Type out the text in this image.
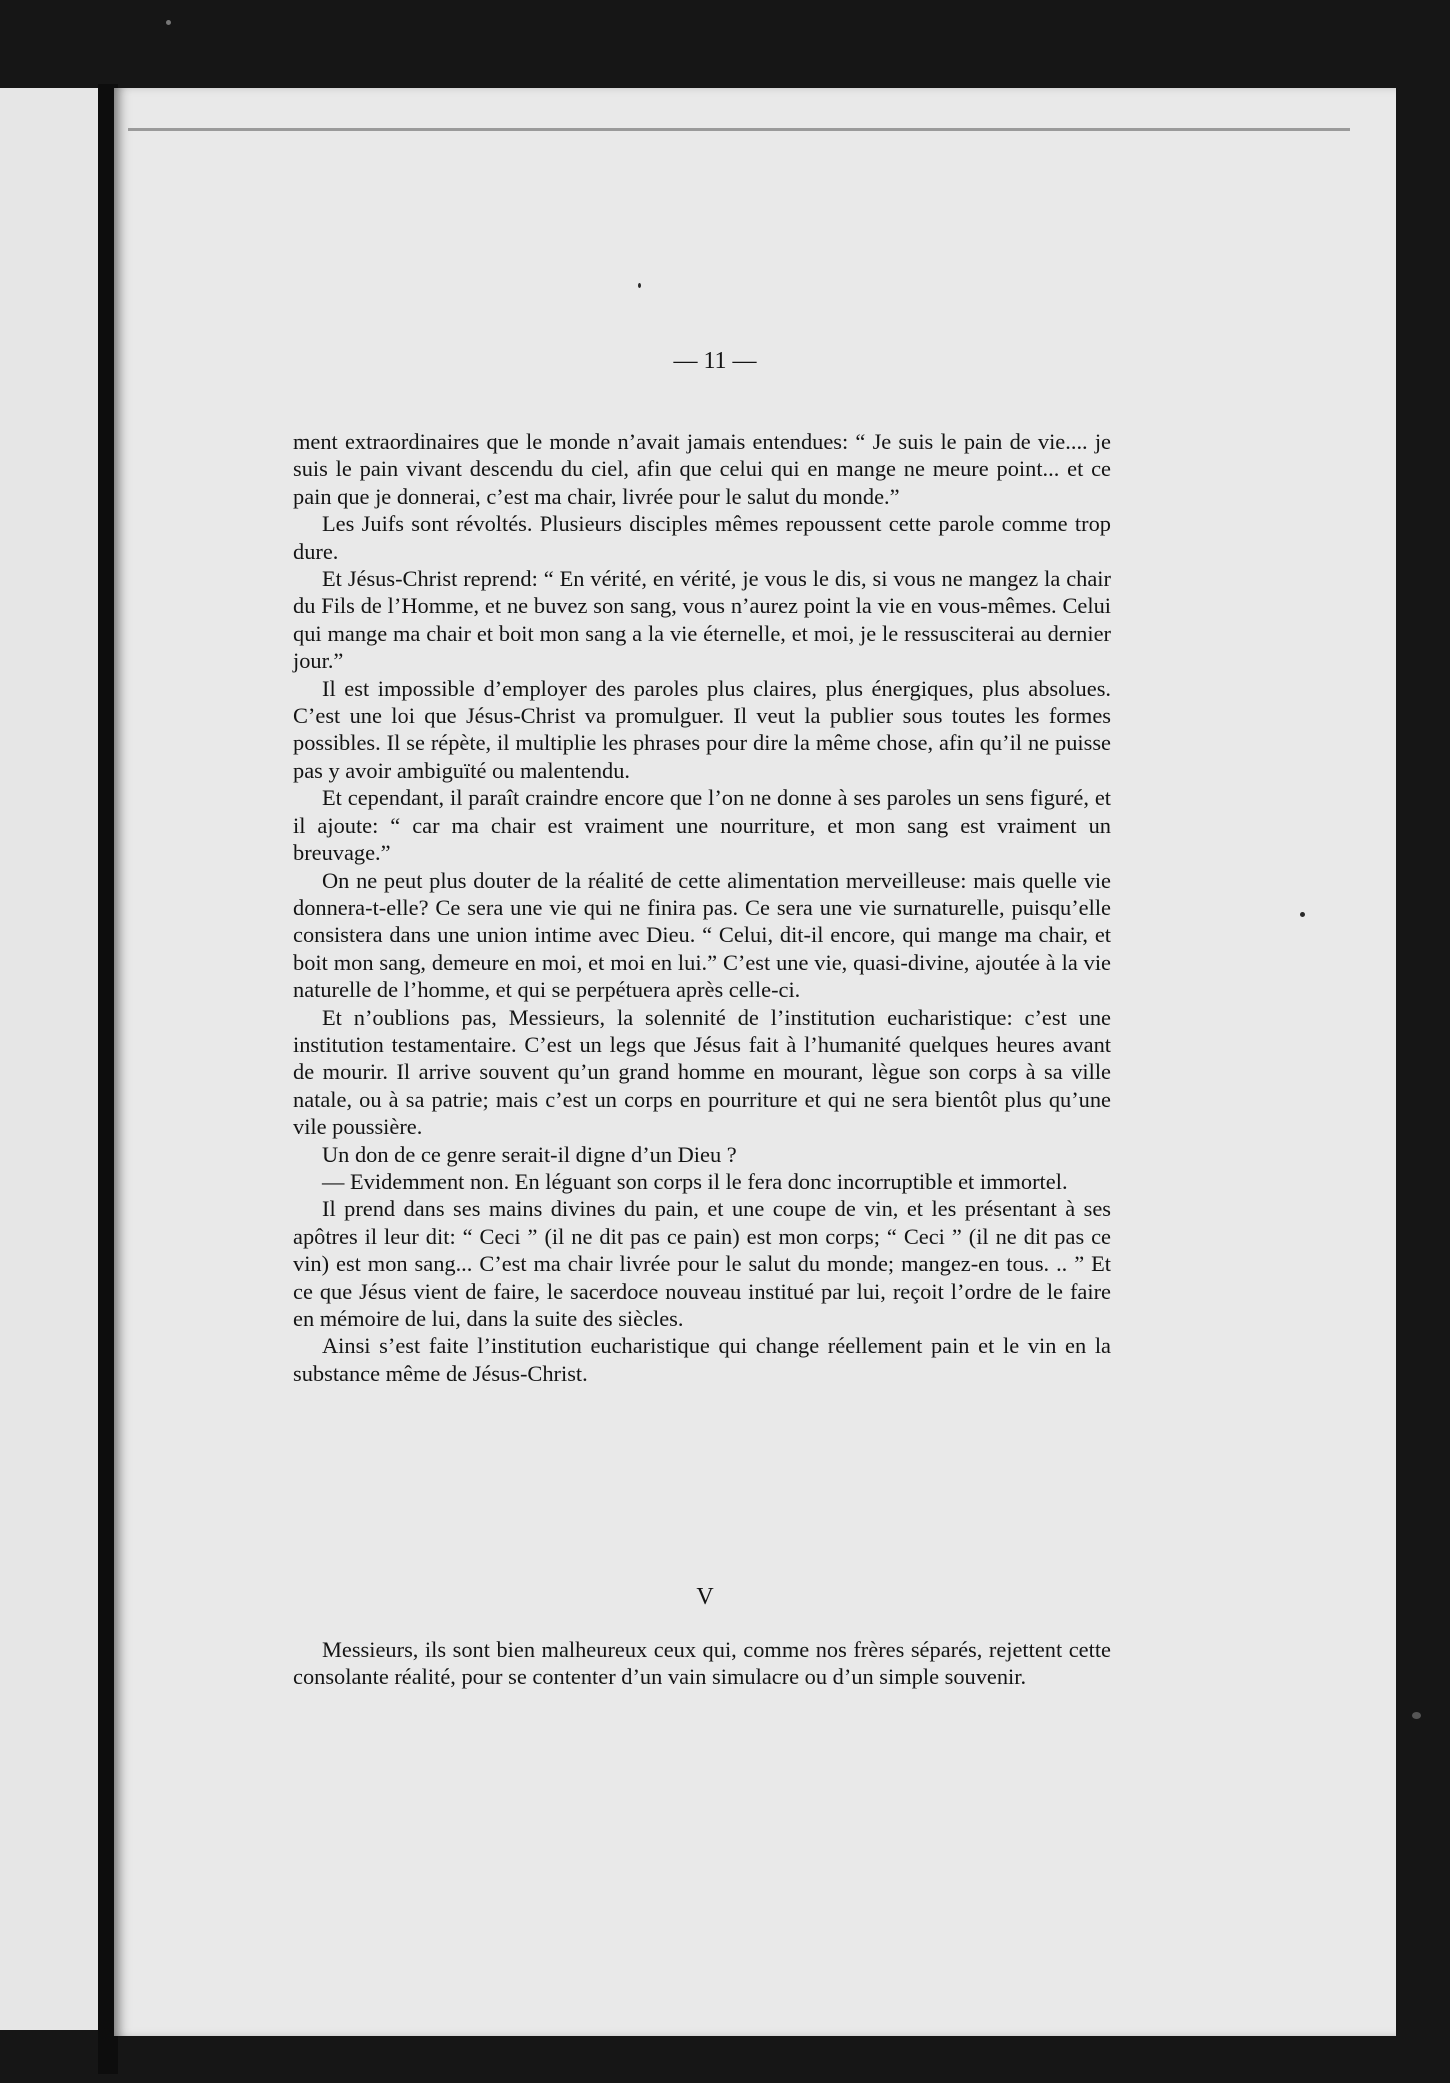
— 11 —

ment extraordinaires que le monde n’avait jamais entendues: “ Je suis le pain de vie.... je suis le pain vivant descendu du ciel, afin que celui qui en mange ne meure point... et ce pain que je donnerai, c’est ma chair, livrée pour le salut du monde.”

Les Juifs sont révoltés. Plusieurs disciples mêmes repoussent cette parole comme trop dure.

Et Jésus-Christ reprend: “ En vérité, en vérité, je vous le dis, si vous ne mangez la chair du Fils de l’Homme, et ne buvez son sang, vous n’aurez point la vie en vous-mêmes. Celui qui mange ma chair et boit mon sang a la vie éternelle, et moi, je le ressusciterai au dernier jour.”

Il est impossible d’employer des paroles plus claires, plus énergiques, plus absolues. C’est une loi que Jésus-Christ va promulguer. Il veut la publier sous toutes les formes possibles. Il se répète, il multiplie les phrases pour dire la même chose, afin qu’il ne puisse pas y avoir ambiguïté ou malentendu.

Et cependant, il paraît craindre encore que l’on ne donne à ses paroles un sens figuré, et il ajoute: “ car ma chair est vraiment une nourriture, et mon sang est vraiment un breuvage.”

On ne peut plus douter de la réalité de cette alimentation merveilleuse: mais quelle vie donnera-t-elle? Ce sera une vie qui ne finira pas. Ce sera une vie surnaturelle, puisqu’elle consistera dans une union intime avec Dieu. “ Celui, dit-il encore, qui mange ma chair, et boit mon sang, demeure en moi, et moi en lui.” C’est une vie, quasi-divine, ajoutée à la vie naturelle de l’homme, et qui se perpétuera après celle-ci.

Et n’oublions pas, Messieurs, la solennité de l’institution eucharistique: c’est une institution testamentaire. C’est un legs que Jésus fait à l’humanité quelques heures avant de mourir. Il arrive souvent qu’un grand homme en mourant, lègue son corps à sa ville natale, ou à sa patrie; mais c’est un corps en pourriture et qui ne sera bientôt plus qu’une vile poussière.

Un don de ce genre serait-il digne d’un Dieu ?

— Evidemment non. En léguant son corps il le fera donc incorruptible et immortel.

Il prend dans ses mains divines du pain, et une coupe de vin, et les présentant à ses apôtres il leur dit: “ Ceci ” (il ne dit pas ce pain) est mon corps; “ Ceci ” (il ne dit pas ce vin) est mon sang... C’est ma chair livrée pour le salut du monde; mangez-en tous. .. ” Et ce que Jésus vient de faire, le sacerdoce nouveau institué par lui, reçoit l’ordre de le faire en mémoire de lui, dans la suite des siècles.

Ainsi s’est faite l’institution eucharistique qui change réellement pain et le vin en la substance même de Jésus-Christ.

V

Messieurs, ils sont bien malheureux ceux qui, comme nos frères séparés, rejettent cette consolante réalité, pour se contenter d’un vain simulacre ou d’un simple souvenir.
